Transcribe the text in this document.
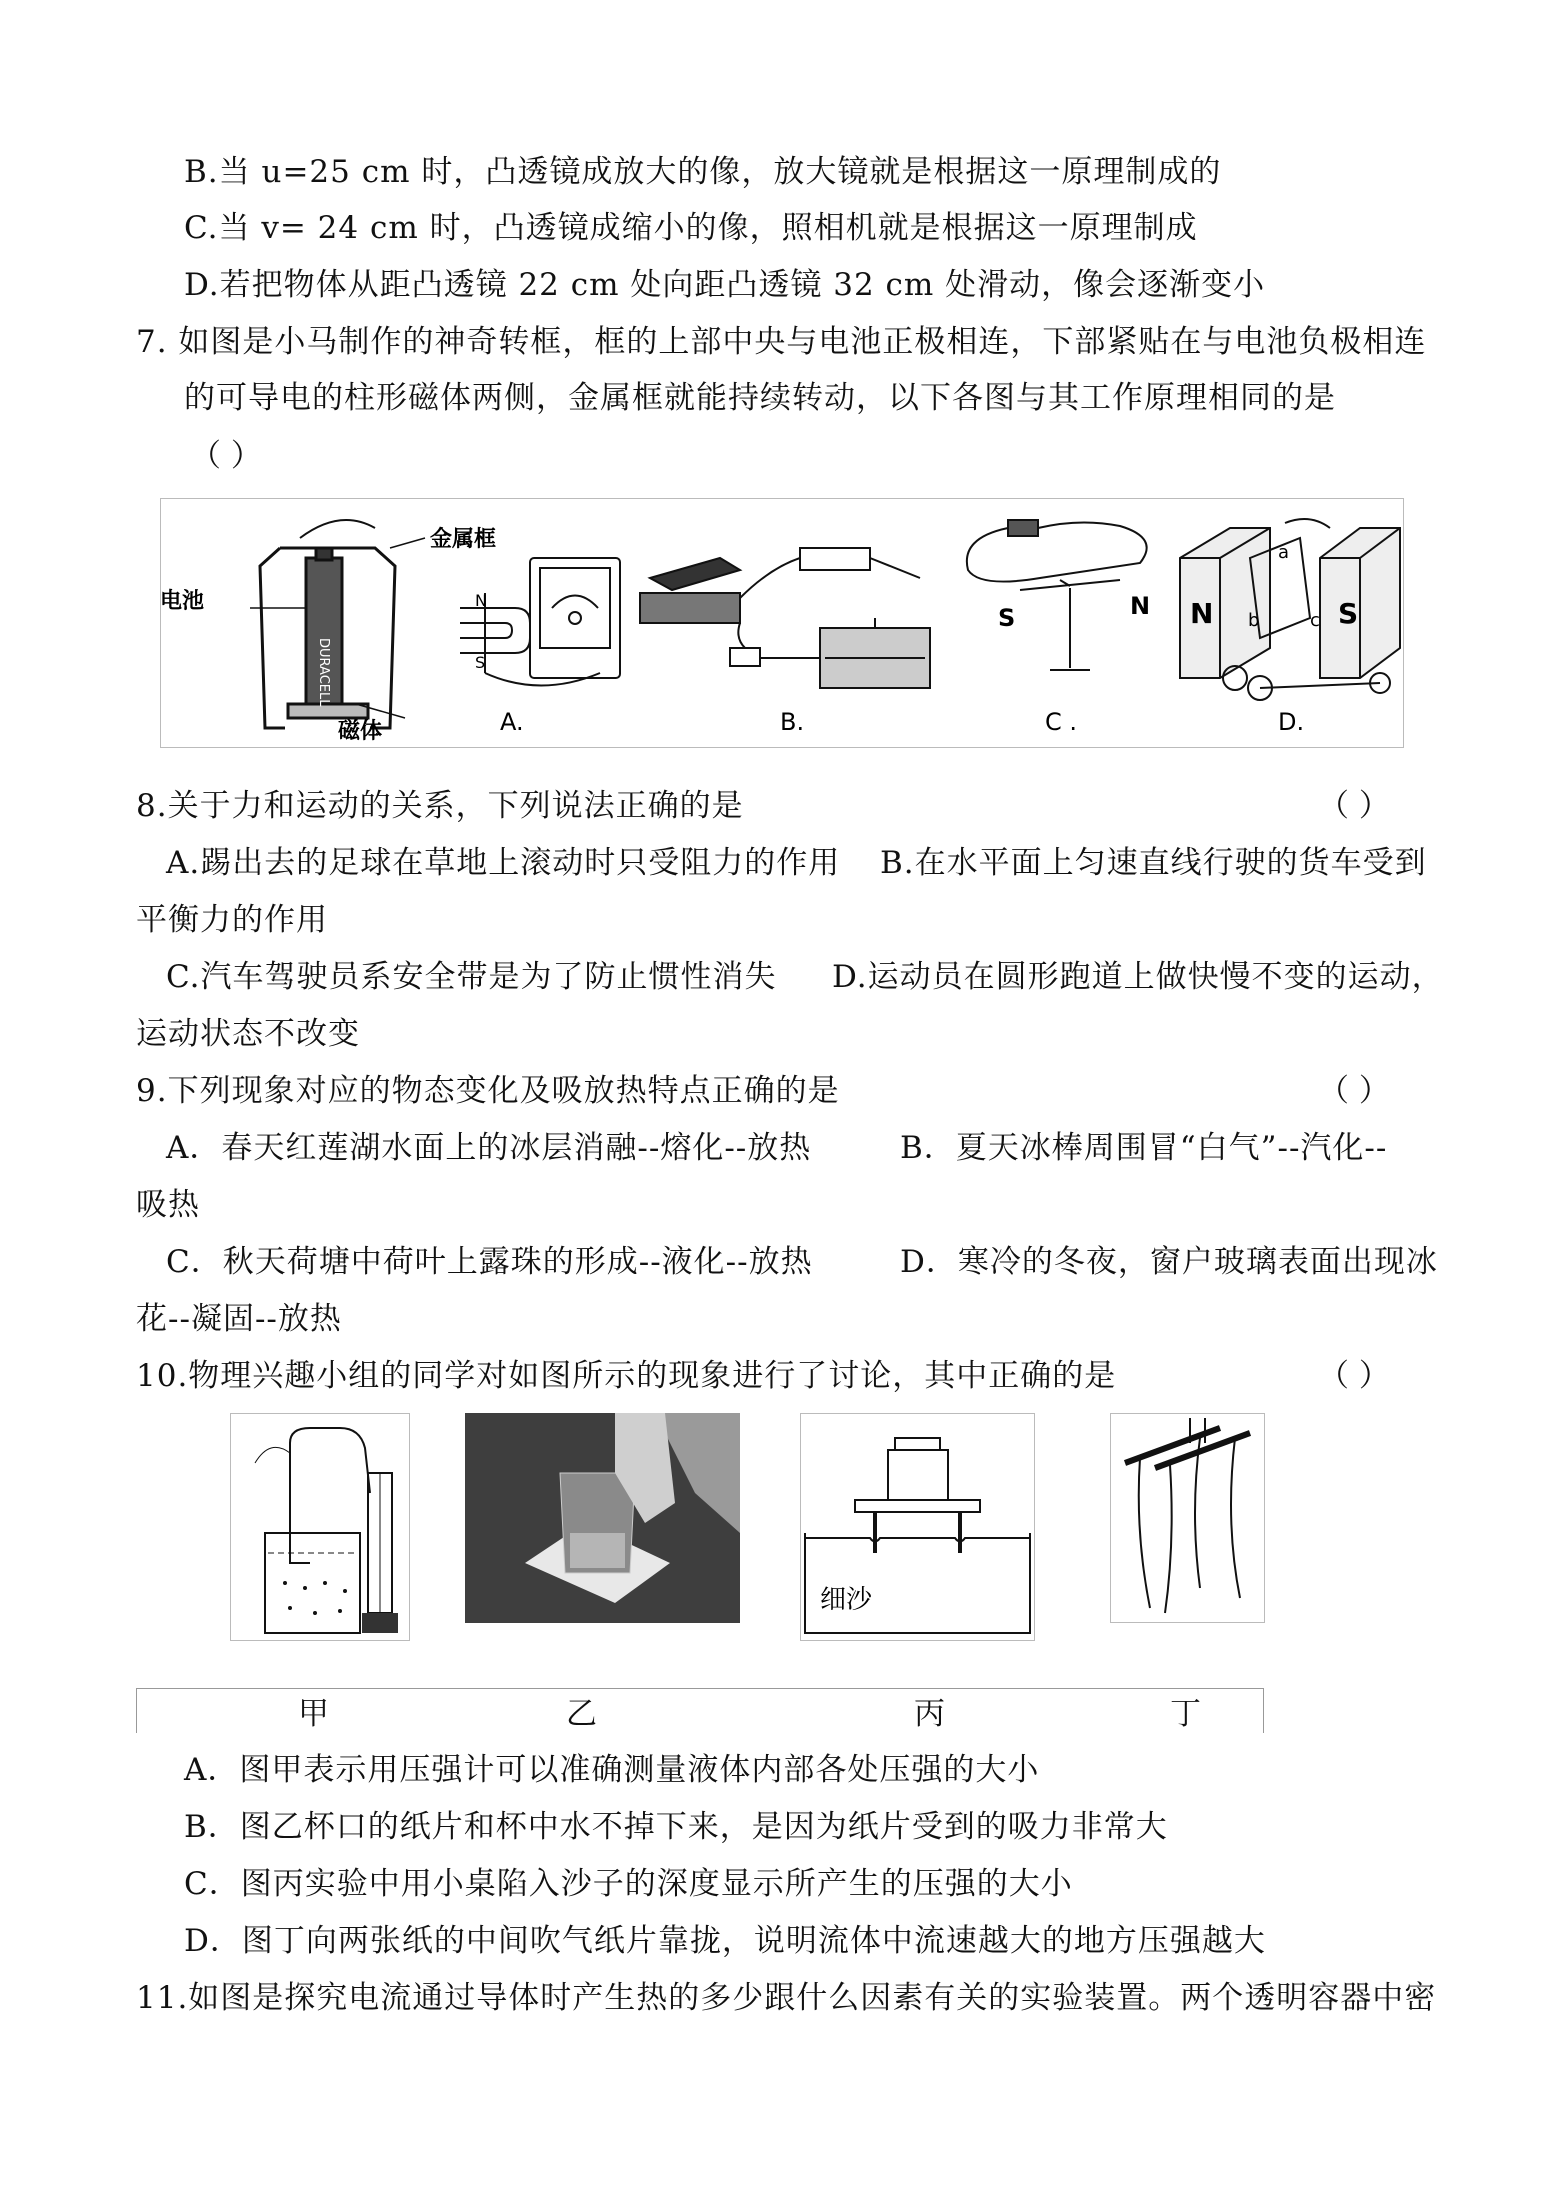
B.当 u=25 cm 时，凸透镜成放大的像，放大镜就是根据这一原理制成的
C.当 v= 24 cm 时，凸透镜成缩小的像，照相机就是根据这一原理制成
D.若把物体从距凸透镜 22 cm 处向距凸透镜 32 cm 处滑动，像会逐渐变小
7. 如图是小马制作的神奇转框，框的上部中央与电池正极相连，下部紧贴在与电池负极相连
的可导电的柱形磁体两侧，金属框就能持续转动，以下各图与其工作原理相同的是
（ ）
金属框
电池
DURACELL
磁体
N
S
A.	B.
S	N
C .
N	S
a
b	c
D.
8.关于力和运动的关系，下列说法正确的是	（ ）
A.踢出去的足球在草地上滚动时只受阻力的作用 B.在水平面上匀速直线行驶的货车受到
平衡力的作用
C.汽车驾驶员系安全带是为了防止惯性消失 D.运动员在圆形跑道上做快慢不变的运动，
运动状态不改变
9.下列现象对应的物态变化及吸放热特点正确的是	（ ）
A．春天红莲湖水面上的冰层消融--熔化--放热	B．夏天冰棒周围冒“白气”--汽化--
吸热
C．秋天荷塘中荷叶上露珠的形成--液化--放热	D．寒冷的冬夜，窗户玻璃表面出现冰
花--凝固--放热
10.物理兴趣小组的同学对如图所示的现象进行了讨论，其中正确的是	（ ）
细沙
甲	乙	丙	丁
A．图甲表示用压强计可以准确测量液体内部各处压强的大小
B．图乙杯口的纸片和杯中水不掉下来，是因为纸片受到的吸力非常大
C．图丙实验中用小桌陷入沙子的深度显示所产生的压强的大小
D．图丁向两张纸的中间吹气纸片靠拢，说明流体中流速越大的地方压强越大
11.如图是探究电流通过导体时产生热的多少跟什么因素有关的实验装置。两个透明容器中密
